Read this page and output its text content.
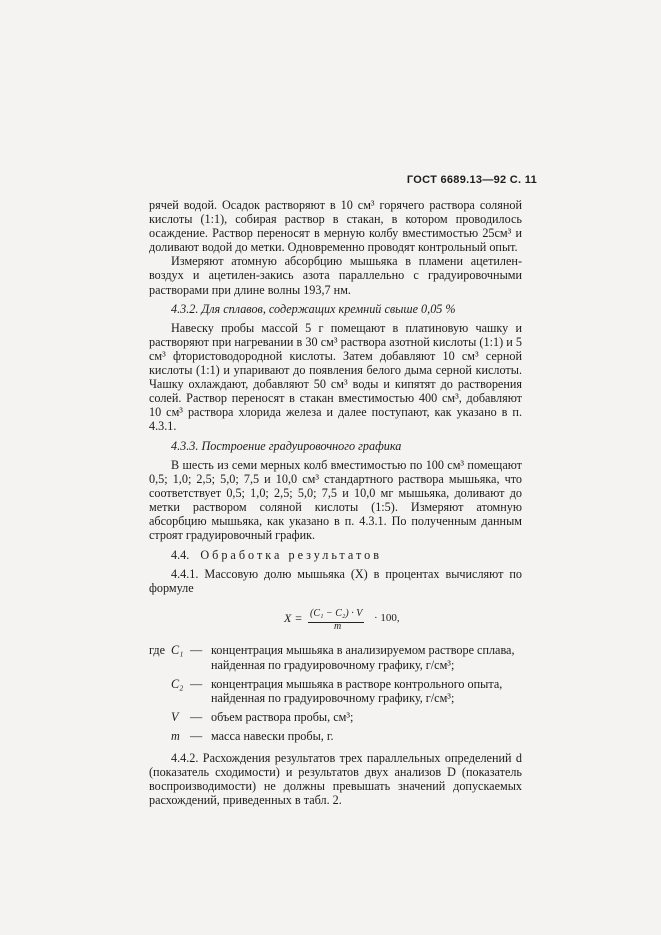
ГОСТ 6689.13—92 С. 11

рячей водой. Осадок растворяют в 10 см³ горячего раствора соляной кислоты (1:1), собирая раствор в стакан, в котором проводилось осаждение. Раствор переносят в мерную колбу вместимостью 25см³ и доливают водой до метки. Одновременно проводят контрольный опыт.

Измеряют атомную абсорбцию мышьяка в пламени ацетилен-воздух и ацетилен-закись азота параллельно с градуировочными растворами при длине волны 193,7 нм.

4.3.2. Для сплавов, содержащих кремний свыше 0,05 %

Навеску пробы массой 5 г помещают в платиновую чашку и растворяют при нагревании в 30 см³ раствора азотной кислоты (1:1) и 5 см³ фтористоводородной кислоты. Затем добавляют 10 см³ серной кислоты (1:1) и упаривают до появления белого дыма серной кислоты. Чашку охлаждают, добавляют 50 см³ воды и кипятят до растворения солей. Раствор переносят в стакан вместимостью 400 см³, добавляют 10 см³ раствора хлорида железа и далее поступают, как указано в п. 4.3.1.

4.3.3. Построение градуировочного графика

В шесть из семи мерных колб вместимостью по 100 см³ помещают 0,5; 1,0; 2,5; 5,0; 7,5 и 10,0 см³ стандартного раствора мышьяка, что соответствует 0,5; 1,0; 2,5; 5,0; 7,5 и 10,0 мг мышьяка, доливают до метки раствором соляной кислоты (1:5). Измеряют атомную абсорбцию мышьяка, как указано в п. 4.3.1. По полученным данным строят градуировочный график.

4.4. Обработка результатов

4.4.1. Массовую долю мышьяка (X) в процентах вычисляют по формуле

X = (C₁ − C₂) · V
m
· 100,
где C₁ — концентрация мышьяка в анализируемом растворе сплава, найденная по градуировочному графику, г/см³;
C₂ — концентрация мышьяка в растворе контрольного опыта, найденная по градуировочному графику, г/см³;
V — объем раствора пробы, см³;
m — масса навески пробы, г.

4.4.2. Расхождения результатов трех параллельных определений d (показатель сходимости) и результатов двух анализов D (показатель воспроизводимости) не должны превышать значений допускаемых расхождений, приведенных в табл. 2.
